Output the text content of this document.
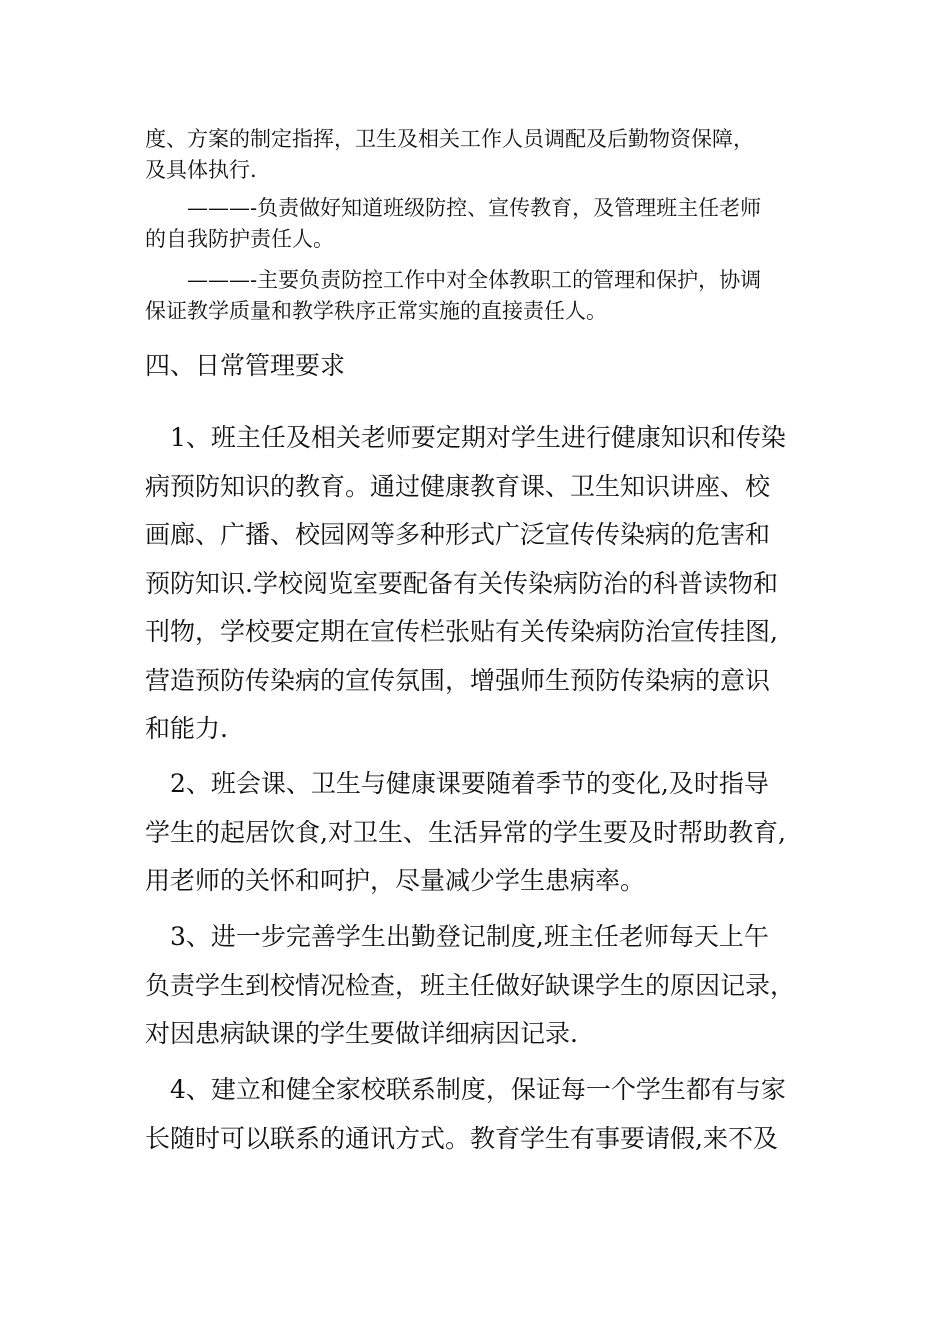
度、方案的制定指挥，卫生及相关工作人员调配及后勤物资保障，
及具体执行.

　　———-负责做好知道班级防控、宣传教育，及管理班主任老师
的自我防护责任人。

　　———-主要负责防控工作中对全体教职工的管理和保护，协调
保证教学质量和教学秩序正常实施的直接责任人。

四、日常管理要求

　1、班主任及相关老师要定期对学生进行健康知识和传染
病预防知识的教育。通过健康教育课、卫生知识讲座、校
画廊、广播、校园网等多种形式广泛宣传传染病的危害和
预防知识.学校阅览室要配备有关传染病防治的科普读物和
刊物，学校要定期在宣传栏张贴有关传染病防治宣传挂图,
营造预防传染病的宣传氛围，增强师生预防传染病的意识
和能力.

　2、班会课、卫生与健康课要随着季节的变化,及时指导
学生的起居饮食,对卫生、生活异常的学生要及时帮助教育,
用老师的关怀和呵护，尽量减少学生患病率。

　3、进一步完善学生出勤登记制度,班主任老师每天上午
负责学生到校情况检查，班主任做好缺课学生的原因记录，
对因患病缺课的学生要做详细病因记录.

　4、建立和健全家校联系制度，保证每一个学生都有与家
长随时可以联系的通讯方式。教育学生有事要请假,来不及
